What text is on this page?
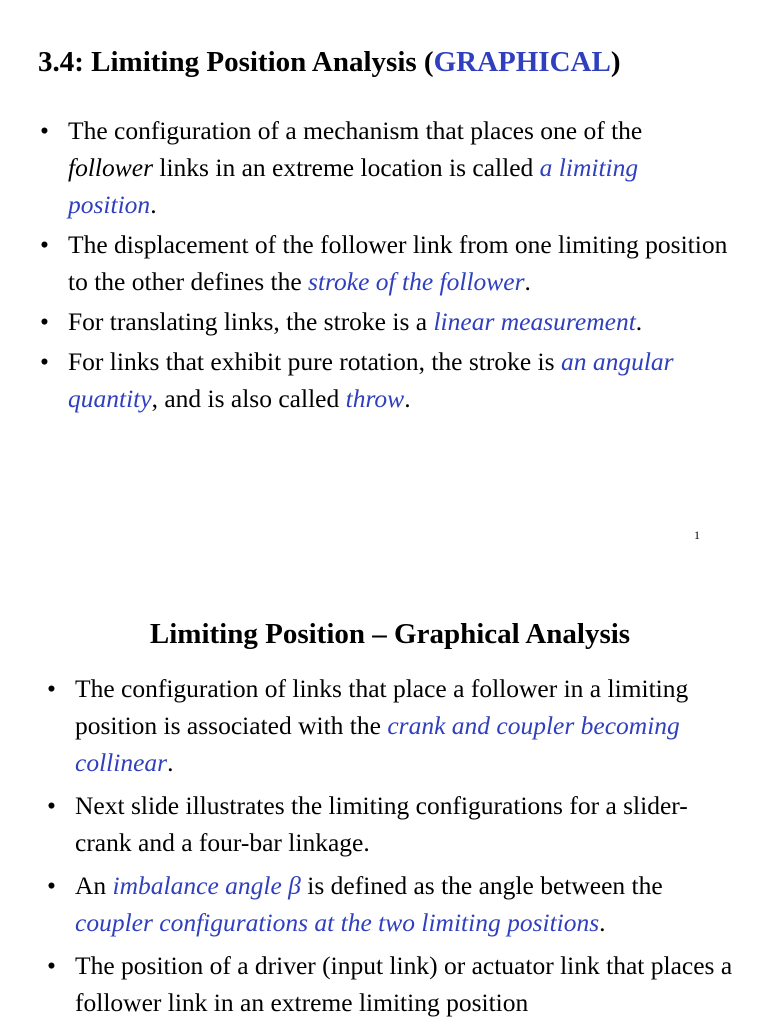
3.4: Limiting Position Analysis (GRAPHICAL)
• The configuration of a mechanism that places one of the follower links in an extreme location is called a limiting position.
• The displacement of the follower link from one limiting position to the other defines the stroke of the follower.
• For translating links, the stroke is a linear measurement.
• For links that exhibit pure rotation, the stroke is an angular quantity, and is also called throw.
1
Limiting Position – Graphical Analysis
• The configuration of links that place a follower in a limiting position is associated with the crank and coupler becoming collinear.
• Next slide illustrates the limiting configurations for a slider-crank and a four-bar linkage.
• An imbalance angle β is defined as the angle between the coupler configurations at the two limiting positions.
• The position of a driver (input link) or actuator link that places a follower link in an extreme limiting position
